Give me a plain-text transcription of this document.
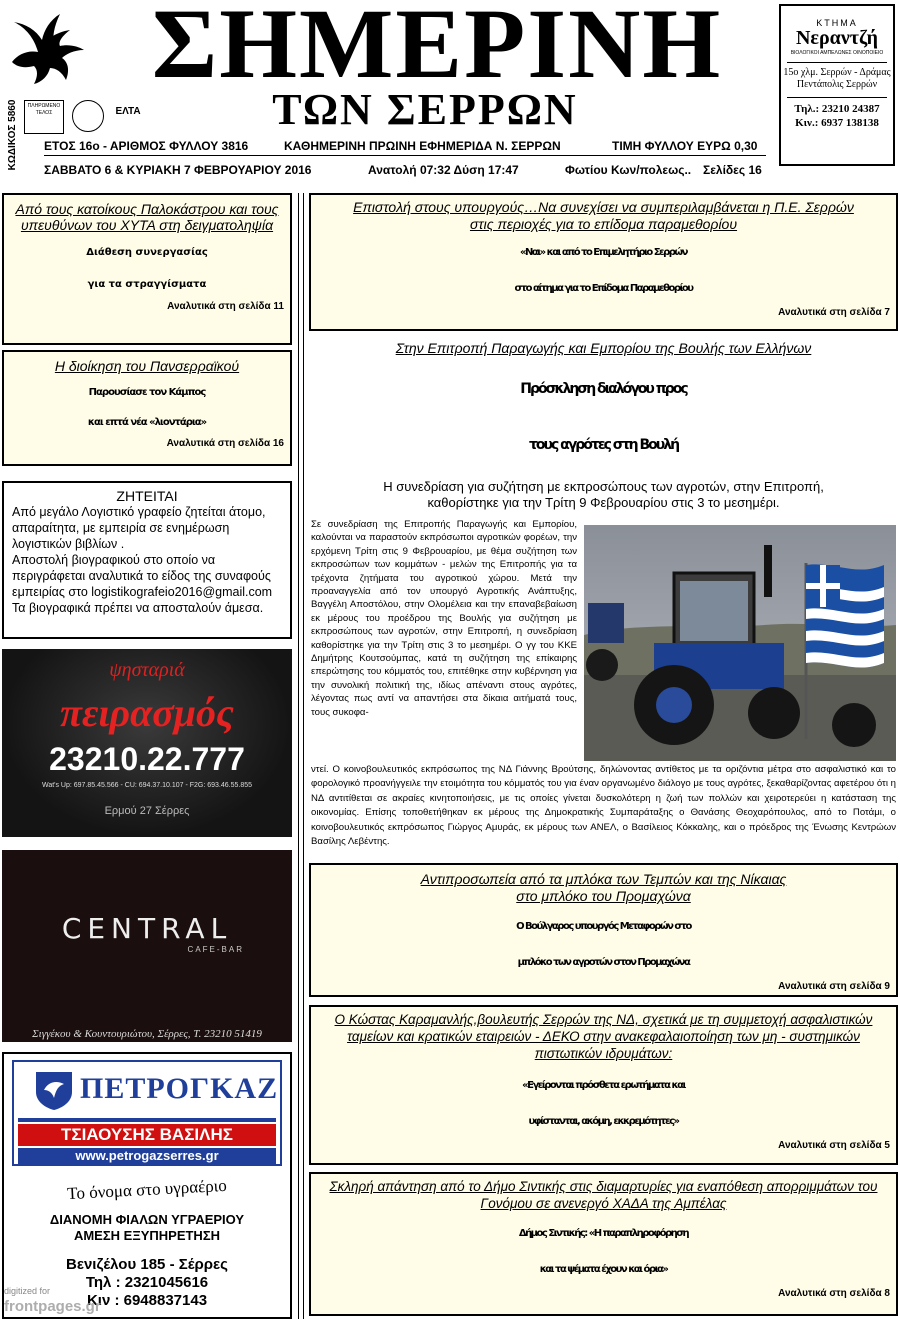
ΣΗΜΕΡΙΝΗ
ΤΩΝ ΣΕΡΡΩΝ
ΚΩΔΙΚΟΣ 5860	ΠΛΗΡΩΜΕΝΟ ΤΕΛΟΣ	ΕΛΤΑ
ΕΤΟΣ 16ο - ΑΡΙΘΜΟΣ ΦΥΛΛΟΥ 3816	ΚΑΘΗΜΕΡΙΝΗ ΠΡΩΙΝΗ ΕΦΗΜΕΡΙΔΑ Ν. ΣΕΡΡΩΝ	ΤΙΜΗ ΦΥΛΛΟΥ ΕΥΡΩ 0,30
ΣΑΒΒΑΤΟ 6 & ΚΥΡΙΑΚΗ 7 ΦΕΒΡΟΥΑΡΙΟΥ 2016	Ανατολή 07:32 Δύση 17:47	Φωτίου Κων/πολεως.. Σελίδες 16
ΚΤΗΜΑ
Νεραντζή
ΒΙΟΛΟΓΙΚΟΙ ΑΜΠΕΛΩΝΕΣ ΟΙΝΟΠΟΙΕΙΟ
15ο χλμ. Σερρών - Δράμας
Πεντάπολις Σερρών
Τηλ.: 23210 24387
Κιν.: 6937 138138
Από τους κατοίκους Παλοκάστρου και τους υπευθύνων του ΧΥΤΑ στη δειγματοληψία
Διάθεση συνεργασίας
για τα στραγγίσματα
Αναλυτικά στη σελίδα 11
Η διοίκηση του Πανσερραϊκού
Παρουσίασε τον Κάμπος
και επτά νέα «λιοντάρια»
Αναλυτικά στη σελίδα 16
ΖΗΤΕΙΤΑΙ
Από μεγάλο Λογιστικό γραφείο ζητείται άτομο, απαραίτητα, με εμπειρία σε ενημέρωση λογιστικών βιβλίων .
Αποστολή βιογραφικού στο οποίο να περιγράφεται αναλυτικά το είδος της συναφούς εμπειρίας στο logistikografeio2016@gmail.com
Τα βιογραφικά πρέπει να αποσταλούν άμεσα.
ψησταριά
πειρασμός
23210.22.777
Wat's Up: 697.85.45.566 - CU: 694.37.10.107 - F2G: 693.46.55.855
Ερμού 27 Σέρρες
CENTRAL
CAFE-BAR
Σιγγέκου & Κουντουριώτου, Σέρρες, Τ. 23210 51419
ΠΕΤΡΟΓΚΑΖ
ΤΣΙΑΟΥΣΗΣ ΒΑΣΙΛΗΣ
www.petrogazserres.gr
Το όνομα στο υγραέριο
ΔΙΑΝΟΜΗ ΦΙΑΛΩΝ ΥΓΡΑΕΡΙΟΥ
ΑΜΕΣΗ ΕΞΥΠΗΡΕΤΗΣΗ
Βενιζέλου 185 - Σέρρες
Τηλ : 2321045616
Κιν : 6948837143
Επιστολή στους υπουργούς…Να συνεχίσει να συμπεριλαμβάνεται η Π.Ε. Σερρών στις περιοχές για το επίδομα παραμεθορίου
«Ναι» και από το Επιμελητήριο Σερρών
στο αίτημα για το Επίδομα Παραμεθορίου
Αναλυτικά στη σελίδα 7
Στην Επιτροπή Παραγωγής και Εμπορίου της Βουλής των Ελλήνων
Πρόσκληση διαλόγου προς
τους αγρότες στη Βουλή
Η συνεδρίαση για συζήτηση με εκπροσώπους των αγροτών, στην Επιτροπή,
καθορίστηκε για την Τρίτη 9 Φεβρουαρίου στις 3 το μεσημέρι.
Σε συνεδρίαση της Επιτροπής Παραγωγής και Εμπορίου, καλούνται να παραστούν εκπρόσωποι αγροτικών φορέων, την ερχόμενη Τρίτη στις 9 Φεβρουαρίου, με θέμα συζήτηση των εκπροσώπων των κομμάτων - μελών της Επιτροπής για τα τρέχοντα ζητήματα του αγροτικού χώρου. Μετά την προαναγγελία από τον υπουργό Αγροτικής Ανάπτυξης, Βαγγέλη Αποστόλου, στην Ολομέλεια και την επαναβεβαίωση εκ μέρους του προέδρου της Βουλής για συζήτηση με εκπροσώπους των αγροτών, στην Επιτροπή, η συνεδρίαση καθορίστηκε για την Τρίτη στις 3 το μεσημέρι. Ο γγ του ΚΚΕ Δημήτρης Κουτσούμπας, κατά τη συζήτηση της επίκαιρης επερώτησης του κόμματός του, επιτέθηκε στην κυβέρνηση για την συνολική πολιτική της, ιδίως απέναντι στους αγρότες, λέγοντας πως αντί να απαντήσει στα δίκαια αιτήματά τους, τους συκοφα-
ντεί. Ο κοινοβουλευτικός εκπρόσωπος της ΝΔ Γιάννης Βρούτσης, δηλώνοντας αντίθετος με τα οριζόντια μέτρα στο ασφαλιστικό και το φορολογικό προανήγγειλε την ετοιμότητα του κόμματός του για έναν οργανωμένο διάλογο με τους αγρότες, ξεκαθαρίζοντας αφετέρου ότι η ΝΔ αντιτίθεται σε ακραίες κινητοποιήσεις, με τις οποίες γίνεται δυσκολότερη η ζωή των πολλών και χειροτερεύει η κατάσταση της οικονομίας. Επίσης τοποθετήθηκαν εκ μέρους της Δημοκρατικής Συμπαράταξης ο Θανάσης Θεοχαρόπουλος, από το Ποτάμι, ο κοινοβουλευτικός εκπρόσωπος Γιώργος Αμυράς, εκ μέρους των ΑΝΕΛ, ο Βασίλειος Κόκκαλης, και ο πρόεδρος της Ένωσης Κεντρώων Βασίλης Λεβέντης.
Αντιπροσωπεία από τα μπλόκα των Τεμπών και της Νίκαιας
στο μπλόκο του Προμαχώνα
Ο Βούλγαρος υπουργός Μεταφορών στο
μπλόκο των αγροτών στον Προμαχώνα
Αναλυτικά στη σελίδα 9
Ο Κώστας Καραμανλής,βουλευτής Σερρών της ΝΔ, σχετικά με τη συμμετοχή ασφαλιστικών ταμείων και κρατικών εταιρειών - ΔΕΚΟ στην ανακεφαλαιοποίηση των μη - συστημικών πιστωτικών ιδρυμάτων:
«Εγείρονται πρόσθετα ερωτήματα και
υφίστανται, ακόμη, εκκρεμότητες»
Αναλυτικά στη σελίδα 5
Σκληρή απάντηση από το Δήμο Σιντικής στις διαμαρτυρίες για εναπόθεση απορριμμάτων του Γονόμου σε ανενεργό ΧΑΔΑ της Αμπέλας
Δήμος Σιντικής: «Η παραπληροφόρηση
και τα ψέματα έχουν και όρια»
Αναλυτικά στη σελίδα 8
digitized for
frontpages.gr
